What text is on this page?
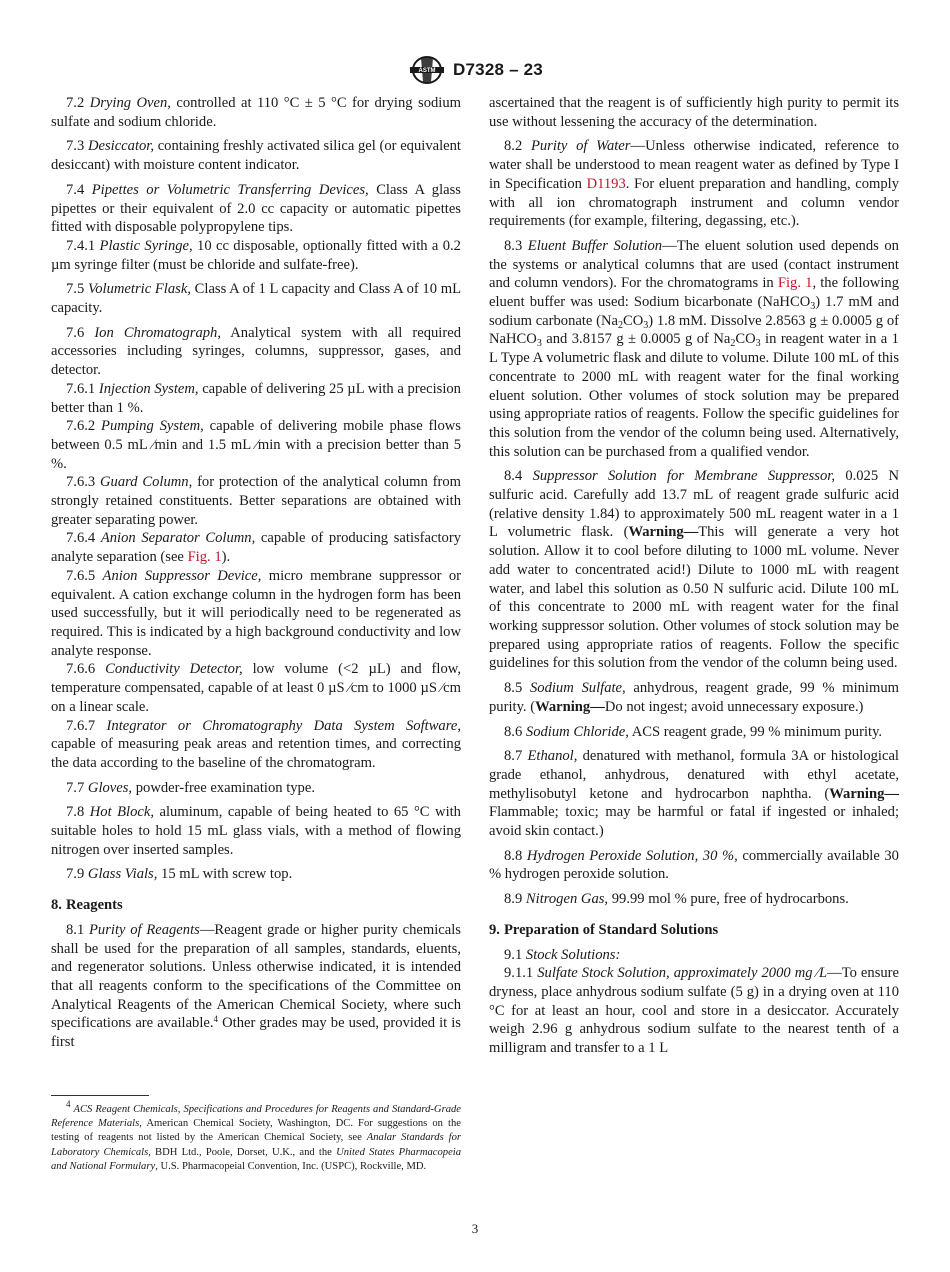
ASTM D7328 – 23

7.2 Drying Oven, controlled at 110 °C ± 5 °C for drying sodium sulfate and sodium chloride.

7.3 Desiccator, containing freshly activated silica gel (or equivalent desiccant) with moisture content indicator.

7.4 Pipettes or Volumetric Transferring Devices, Class A glass pipettes or their equivalent of 2.0 cc capacity or automatic pipettes fitted with disposable polypropylene tips.

7.4.1 Plastic Syringe, 10 cc disposable, optionally fitted with a 0.2 µm syringe filter (must be chloride and sulfate-free).

7.5 Volumetric Flask, Class A of 1 L capacity and Class A of 10 mL capacity.

7.6 Ion Chromatograph, Analytical system with all required accessories including syringes, columns, suppressor, gases, and detector.

7.6.1 Injection System, capable of delivering 25 µL with a precision better than 1 %.

7.6.2 Pumping System, capable of delivering mobile phase flows between 0.5 mL ⁄min and 1.5 mL ⁄min with a precision better than 5 %.

7.6.3 Guard Column, for protection of the analytical column from strongly retained constituents. Better separations are obtained with greater separating power.

7.6.4 Anion Separator Column, capable of producing satisfactory analyte separation (see Fig. 1).

7.6.5 Anion Suppressor Device, micro membrane suppressor or equivalent. A cation exchange column in the hydrogen form has been used successfully, but it will periodically need to be regenerated as required. This is indicated by a high background conductivity and low analyte response.

7.6.6 Conductivity Detector, low volume (<2 µL) and flow, temperature compensated, capable of at least 0 µS ⁄cm to 1000 µS ⁄cm on a linear scale.

7.6.7 Integrator or Chromatography Data System Software, capable of measuring peak areas and retention times, and correcting the data according to the baseline of the chromatogram.

7.7 Gloves, powder-free examination type.

7.8 Hot Block, aluminum, capable of being heated to 65 °C with suitable holes to hold 15 mL glass vials, with a method of flowing nitrogen over inserted samples.

7.9 Glass Vials, 15 mL with screw top.

8. Reagents

8.1 Purity of Reagents—Reagent grade or higher purity chemicals shall be used for the preparation of all samples, standards, eluents, and regenerator solutions. Unless otherwise indicated, it is intended that all reagents conform to the specifications of the Committee on Analytical Reagents of the American Chemical Society, where such specifications are available.$^4$ Other grades may be used, provided it is first

ascertained that the reagent is of sufficiently high purity to permit its use without lessening the accuracy of the determination.

8.2 Purity of Water—Unless otherwise indicated, reference to water shall be understood to mean reagent water as defined by Type I in Specification D1193. For eluent preparation and handling, comply with all ion chromatograph instrument and column vendor requirements (for example, filtering, degassing, etc.).

8.3 Eluent Buffer Solution—The eluent solution used depends on the systems or analytical columns that are used (contact instrument and column vendors). For the chromatograms in Fig. 1, the following eluent buffer was used: Sodium bicarbonate (NaHCO$_3$) 1.7 mM and sodium carbonate $(Na_2CO_3)$ 1.8 mM. Dissolve 2.8563 g ± 0.0005 g of NaHCO$_3$ and 3.8157 g ± 0.0005 g of $Na_2CO_3$ in reagent water in a 1 L Type A volumetric flask and dilute to volume. Dilute 100 mL of this concentrate to 2000 mL with reagent water for the final working eluent solution. Other volumes of stock solution may be prepared using appropriate ratios of reagents. Follow the specific guidelines for this solution from the vendor of the column being used. Alternatively, this solution can be purchased from a qualified vendor.

8.4 Suppressor Solution for Membrane Suppressor, 0.025 N sulfuric acid. Carefully add 13.7 mL of reagent grade sulfuric acid (relative density 1.84) to approximately 500 mL reagent water in a 1 L volumetric flask. (Warning—This will generate a very hot solution. Allow it to cool before diluting to 1000 mL volume. Never add water to concentrated acid!) Dilute to 1000 mL with reagent water, and label this solution as 0.50 N sulfuric acid. Dilute 100 mL of this concentrate to 2000 mL with reagent water for the final working suppressor solution. Other volumes of stock solution may be prepared using appropriate ratios of reagents. Follow the specific guidelines for this solution from the vendor of the column being used.

8.5 Sodium Sulfate, anhydrous, reagent grade, 99 % minimum purity. (Warning—Do not ingest; avoid unnecessary exposure.)

8.6 Sodium Chloride, ACS reagent grade, 99 % minimum purity.

8.7 Ethanol, denatured with methanol, formula 3A or histological grade ethanol, anhydrous, denatured with ethyl acetate, methylisobutyl ketone and hydrocarbon naphtha. (Warning—Flammable; toxic; may be harmful or fatal if ingested or inhaled; avoid skin contact.)

8.8 Hydrogen Peroxide Solution, 30 %, commercially available 30 % hydrogen peroxide solution.

8.9 Nitrogen Gas, 99.99 mol % pure, free of hydrocarbons.

9. Preparation of Standard Solutions

9.1 Stock Solutions:

9.1.1 Sulfate Stock Solution, approximately 2000 mg ⁄L—To ensure dryness, place anhydrous sodium sulfate (5 g) in a drying oven at 110 °C for at least an hour, cool and store in a desiccator. Accurately weigh 2.96 g anhydrous sodium sulfate to the nearest tenth of a milligram and transfer to a 1 L

$^4$ ACS Reagent Chemicals, Specifications and Procedures for Reagents and Standard-Grade Reference Materials, American Chemical Society, Washington, DC. For suggestions on the testing of reagents not listed by the American Chemical Society, see Analar Standards for Laboratory Chemicals, BDH Ltd., Poole, Dorset, U.K., and the United States Pharmacopeia and National Formulary, U.S. Pharmacopeial Convention, Inc. (USPC), Rockville, MD.
3
